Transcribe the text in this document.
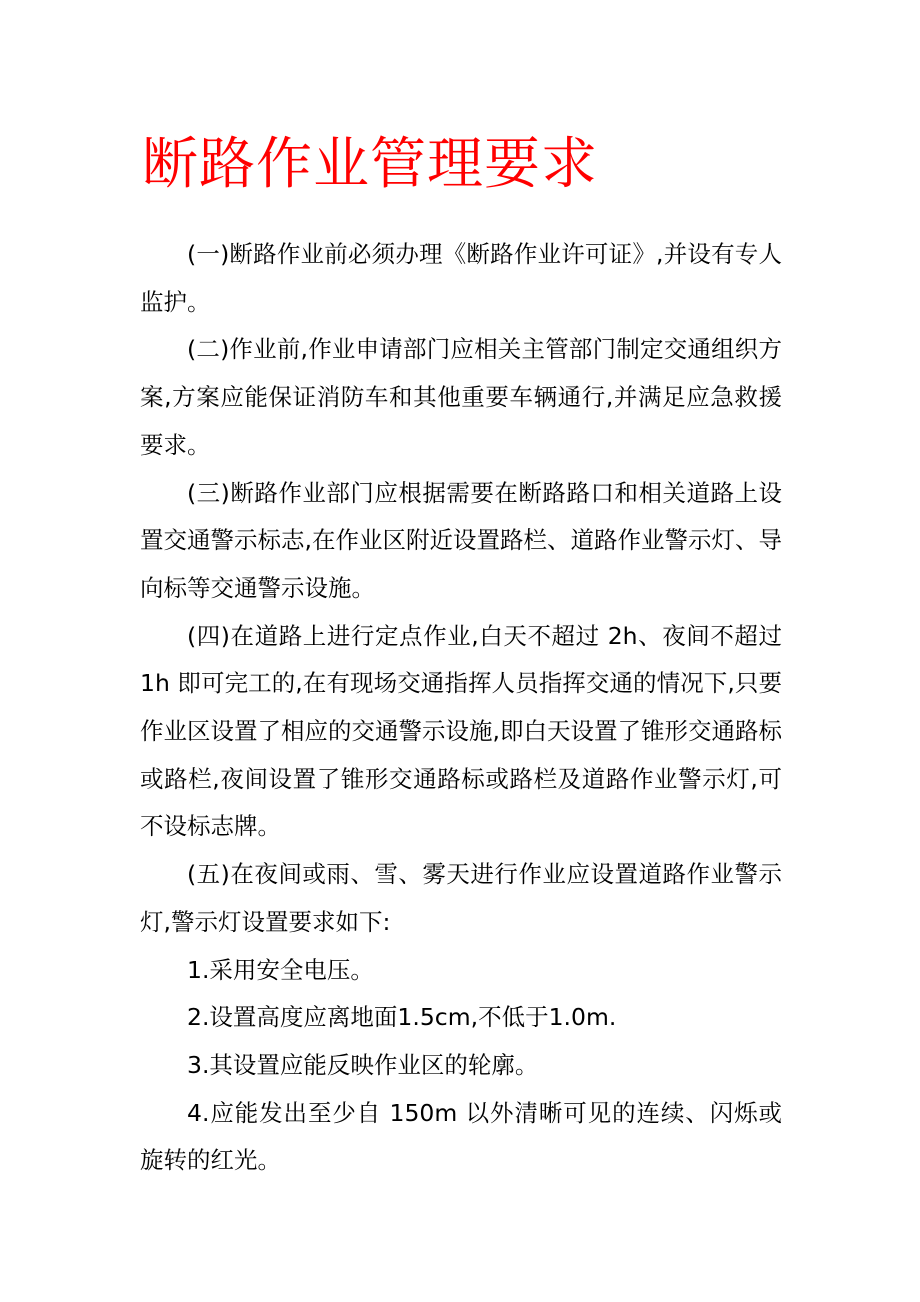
断路作业管理要求

(一)断路作业前必须办理《断路作业许可证》,并设有专人监护。

(二)作业前,作业申请部门应相关主管部门制定交通组织方案,方案应能保证消防车和其他重要车辆通行,并满足应急救援要求。

(三)断路作业部门应根据需要在断路路口和相关道路上设置交通警示标志,在作业区附近设置路栏、道路作业警示灯、导向标等交通警示设施。

(四)在道路上进行定点作业,白天不超过 2h、夜间不超过 1h 即可完工的,在有现场交通指挥人员指挥交通的情况下,只要作业区设置了相应的交通警示设施,即白天设置了锥形交通路标或路栏,夜间设置了锥形交通路标或路栏及道路作业警示灯,可不设标志牌。

(五)在夜间或雨、雪、雾天进行作业应设置道路作业警示灯,警示灯设置要求如下:

1.采用安全电压。

2.设置高度应离地面1.5cm,不低于1.0m.

3.其设置应能反映作业区的轮廓。

4.应能发出至少自 150m 以外清晰可见的连续、闪烁或旋转的红光。
